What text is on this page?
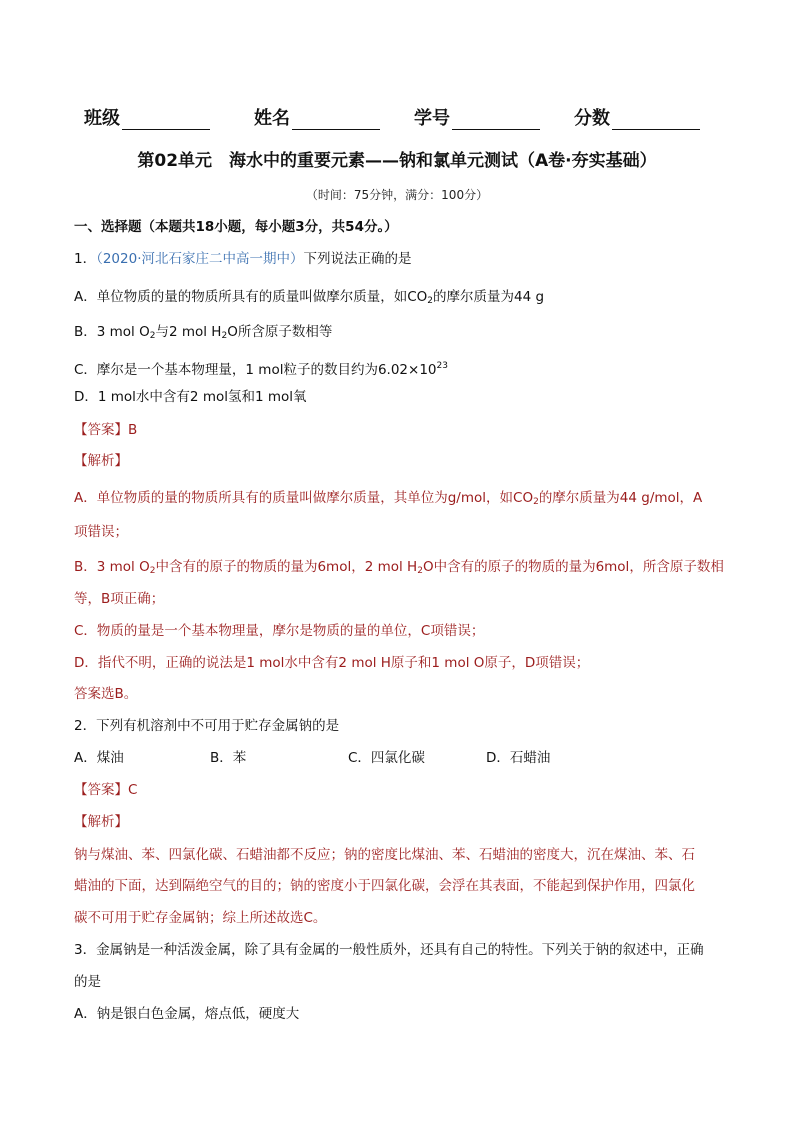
班级	姓名	学号	分数
第02单元　海水中的重要元素——钠和氯单元测试（A卷·夯实基础）
（时间：75分钟，满分：100分）
一、选择题（本题共18小题，每小题3分，共54分。）
1．（2020·河北石家庄二中高一期中）下列说法正确的是
A．单位物质的量的物质所具有的质量叫做摩尔质量，如$CO_2$的摩尔质量为44 g
B．3 mol $O_2$与2 mol $H_2O$所含原子数相等
C．摩尔是一个基本物理量，1 mol粒子的数目约为$6.02\times 10^{23}$
D．1 mol水中含有2 mol氢和1 mol氧
【答案】B
【解析】
A．单位物质的量的物质所具有的质量叫做摩尔质量，其单位为g/mol，如$CO_2$的摩尔质量为44 g/mol，A
项错误；
B．3 mol $O_2$中含有的原子的物质的量为6mol，2 mol $H_2O$中含有的原子的物质的量为6mol，所含原子数相
等，B项正确；
C．物质的量是一个基本物理量，摩尔是物质的量的单位，C项错误；
D．指代不明，正确的说法是1 mol水中含有2 mol H原子和1 mol O原子，D项错误；
答案选B。
2．下列有机溶剂中不可用于贮存金属钠的是
A．煤油	B．苯	C．四氯化碳	D．石蜡油
【答案】C
【解析】
钠与煤油、苯、四氯化碳、石蜡油都不反应；钠的密度比煤油、苯、石蜡油的密度大，沉在煤油、苯、石
蜡油的下面，达到隔绝空气的目的；钠的密度小于四氯化碳，会浮在其表面，不能起到保护作用，四氯化
碳不可用于贮存金属钠；综上所述故选C。
3．金属钠是一种活泼金属，除了具有金属的一般性质外，还具有自己的特性。下列关于钠的叙述中，正确
的是
A．钠是银白色金属，熔点低，硬度大
